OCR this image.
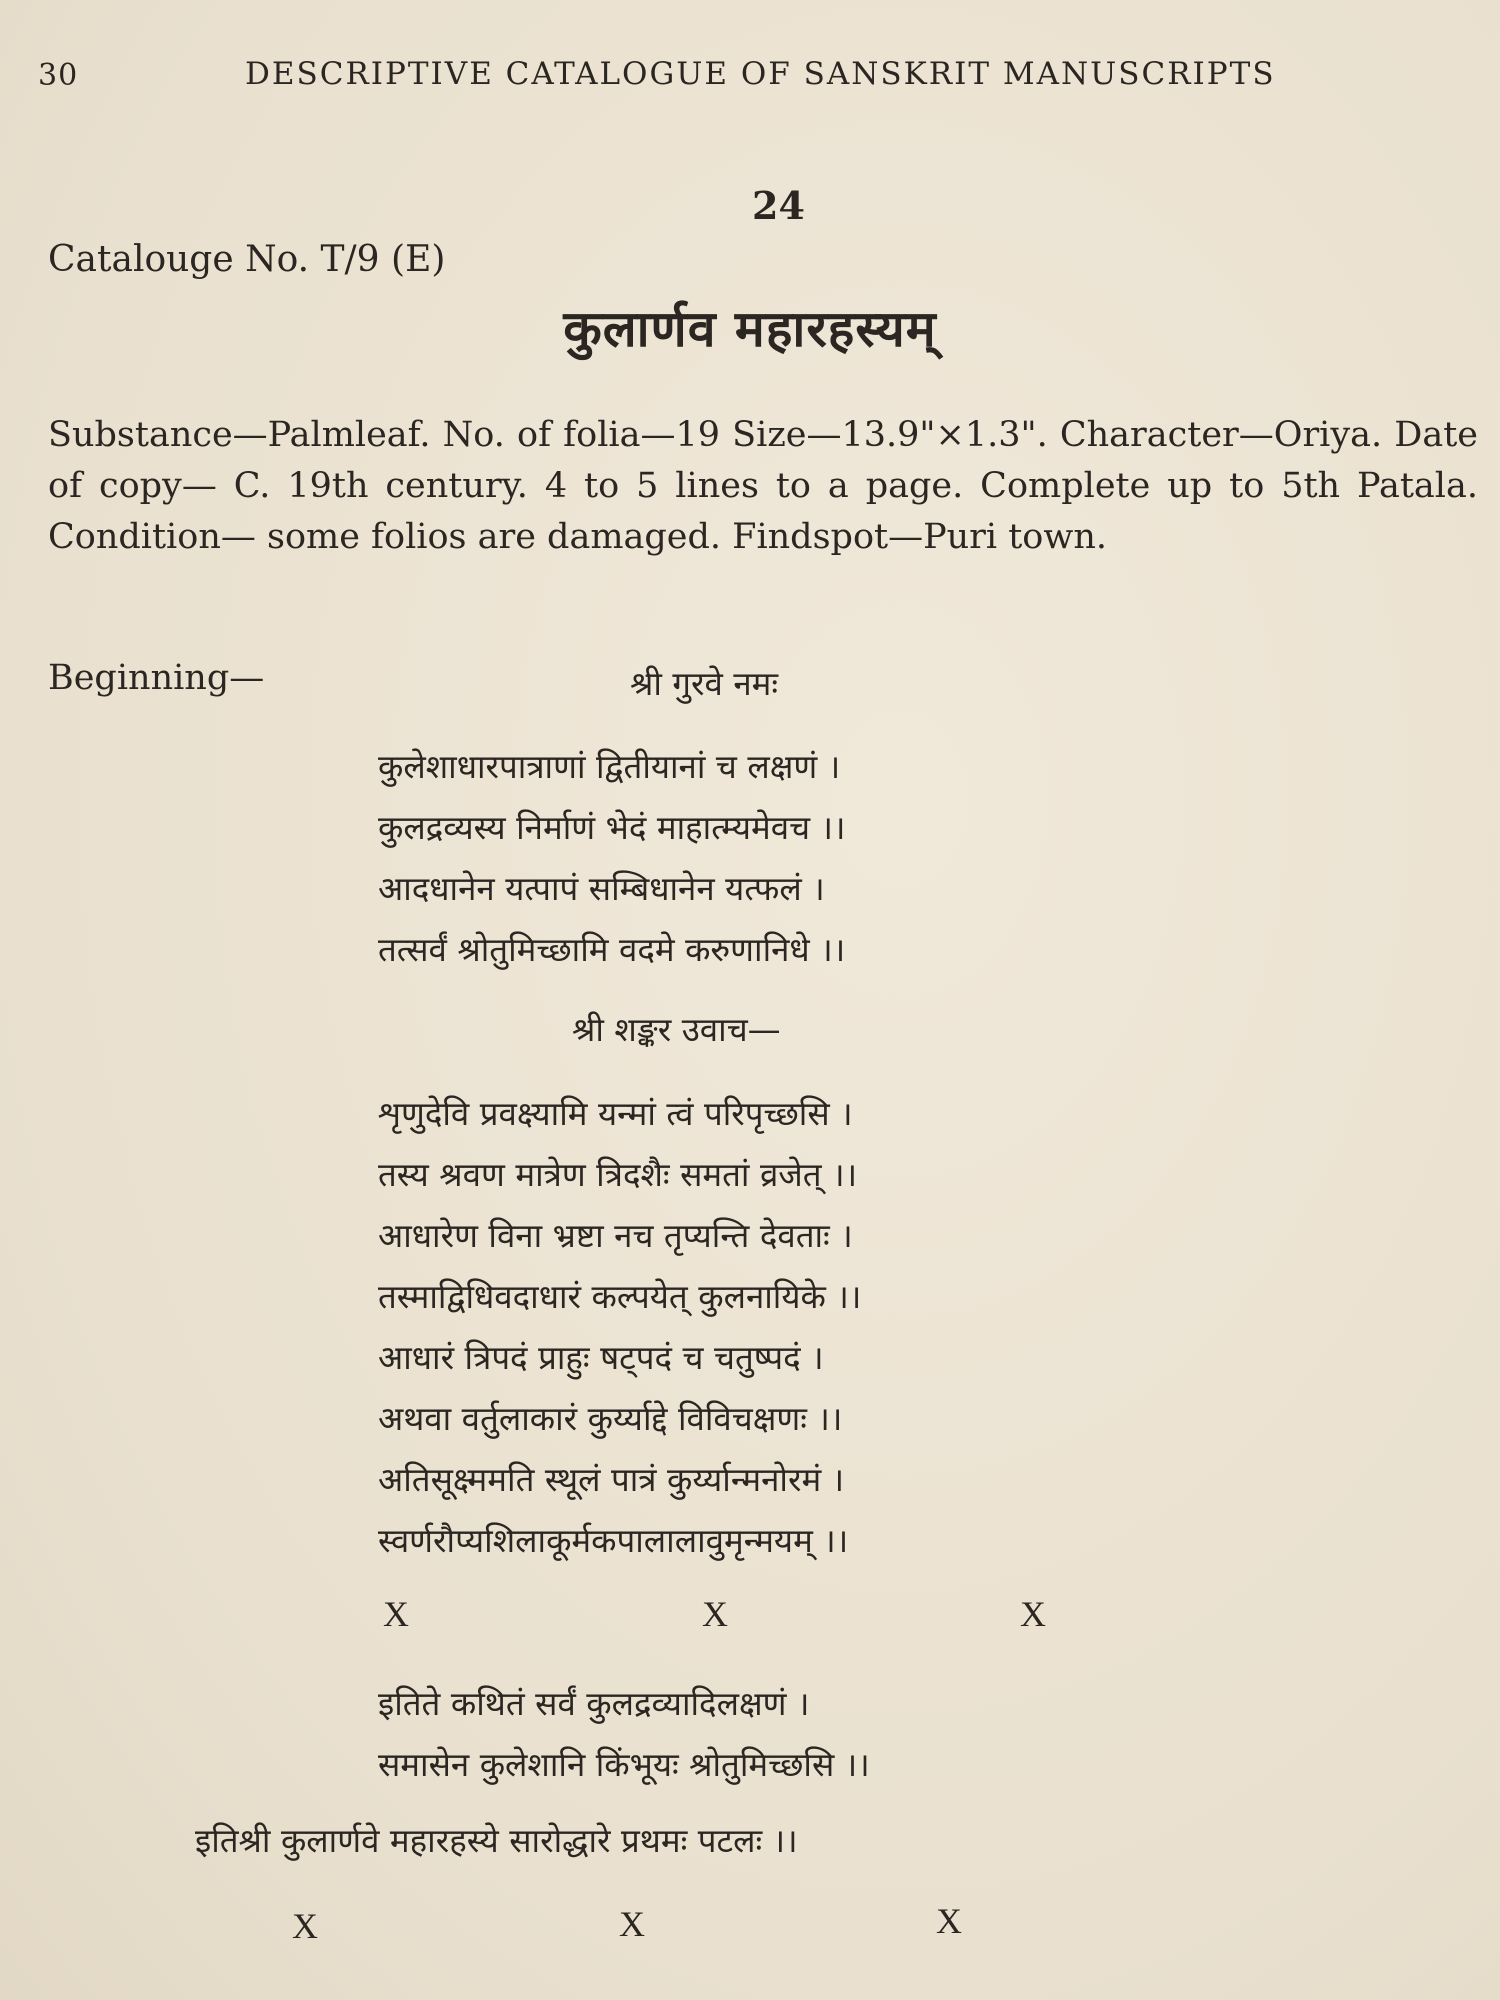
30	DESCRIPTIVE CATALOGUE OF SANSKRIT MANUSCRIPTS
24
Catalouge No. T/9 (E)
कुलार्णव महारहस्यम्
Substance—Palmleaf. No. of folia—19 Size—13.9"×1.3". Character—Oriya. Date of copy— C. 19th century. 4 to 5 lines to a page. Complete up to 5th Patala. Condition— some folios are damaged. Findspot—Puri town.
Beginning—	श्री गुरवे नमः
कुलेशाधारपात्राणां द्वितीयानां च लक्षणं ।
कुलद्रव्यस्य निर्माणं भेदं माहात्म्यमेवच ।।
आदधानेन यत्पापं सम्बिधानेन यत्फलं ।
तत्सर्वं श्रोतुमिच्छामि वदमे करुणानिधे ।।
श्री शङ्कर उवाच—
शृणुदेवि प्रवक्ष्यामि यन्मां त्वं परिपृच्छसि ।
तस्य श्रवण मात्रेण त्रिदशैः समतां व्रजेत् ।।
आधारेण विना भ्रष्टा नच तृप्यन्ति देवताः ।
तस्माद्विधिवदाधारं कल्पयेत् कुलनायिके ।।
आधारं त्रिपदं प्राहुः षट्पदं च चतुष्पदं ।
अथवा वर्तुलाकारं कुर्य्याद्दे विविचक्षणः ।।
अतिसूक्ष्ममति स्थूलं पात्रं कुर्य्यान्मनोरमं ।
स्वर्णरौप्यशिलाकूर्मकपालालावुमृन्मयम् ।।
X	X	X
इतिते कथितं सर्वं कुलद्रव्यादिलक्षणं ।
समासेन कुलेशानि किंभूयः श्रोतुमिच्छसि ।।
इतिश्री कुलार्णवे महारहस्ये सारोद्धारे प्रथमः पटलः ।।
X	X	X
